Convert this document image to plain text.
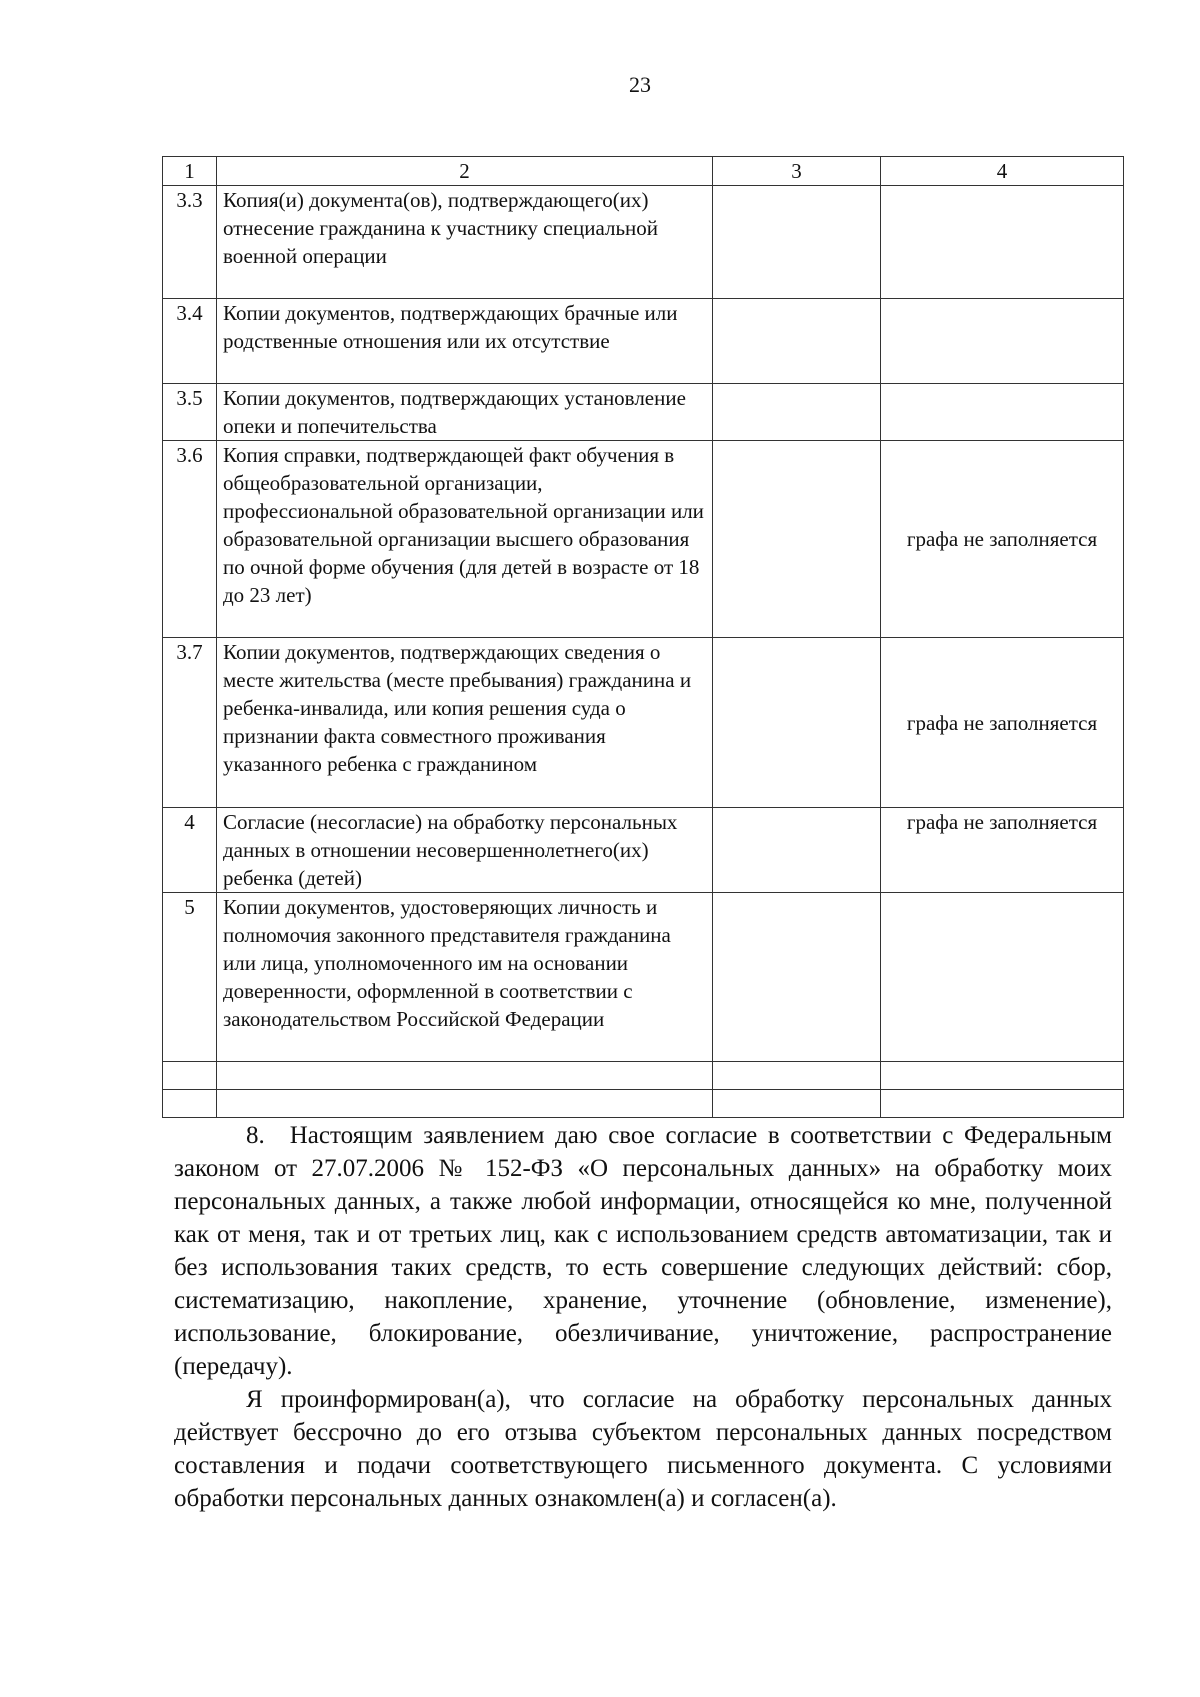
23
1	2	3	4
3.3	Копия(и) документа(ов), подтверждающего(их) отнесение гражданина к участнику специальной военной операции		
3.4	Копии документов, подтверждающих брачные или родственные отношения или их отсутствие		
3.5	Копии документов, подтверждающих установление опеки и попечительства		
3.6	Копия справки, подтверждающей факт обучения в общеобразовательной организации, профессиональной образовательной организации или образовательной организации высшего образования по очной форме обучения (для детей в возрасте от 18 до 23 лет)		графа не заполняется
3.7	Копии документов, подтверждающих сведения о месте жительства (месте пребывания) гражданина и ребенка-инвалида, или копия решения суда о признании факта совместного проживания указанного ребенка с гражданином		графа не заполняется
4	Согласие (несогласие) на обработку персональных данных в отношении несовершеннолетнего(их) ребенка (детей)		графа не заполняется
5	Копии документов, удостоверяющих личность и полномочия законного представителя гражданина или лица, уполномоченного им на основании доверенности, оформленной в соответствии с законодательством Российской Федерации		

8. Настоящим заявлением даю свое согласие в соответствии с Федеральным законом от 27.07.2006 № 152-ФЗ «О персональных данных» на обработку моих персональных данных, а также любой информации, относящейся ко мне, полученной как от меня, так и от третьих лиц, как с использованием средств автоматизации, так и без использования таких средств, то есть совершение следующих действий: сбор, систематизацию, накопление, хранение, уточнение (обновление, изменение), использование, блокирование, обезличивание, уничтожение, распространение (передачу).

Я проинформирован(а), что согласие на обработку персональных данных действует бессрочно до его отзыва субъектом персональных данных посредством составления и подачи соответствующего письменного документа. С условиями обработки персональных данных ознакомлен(а) и согласен(а).
